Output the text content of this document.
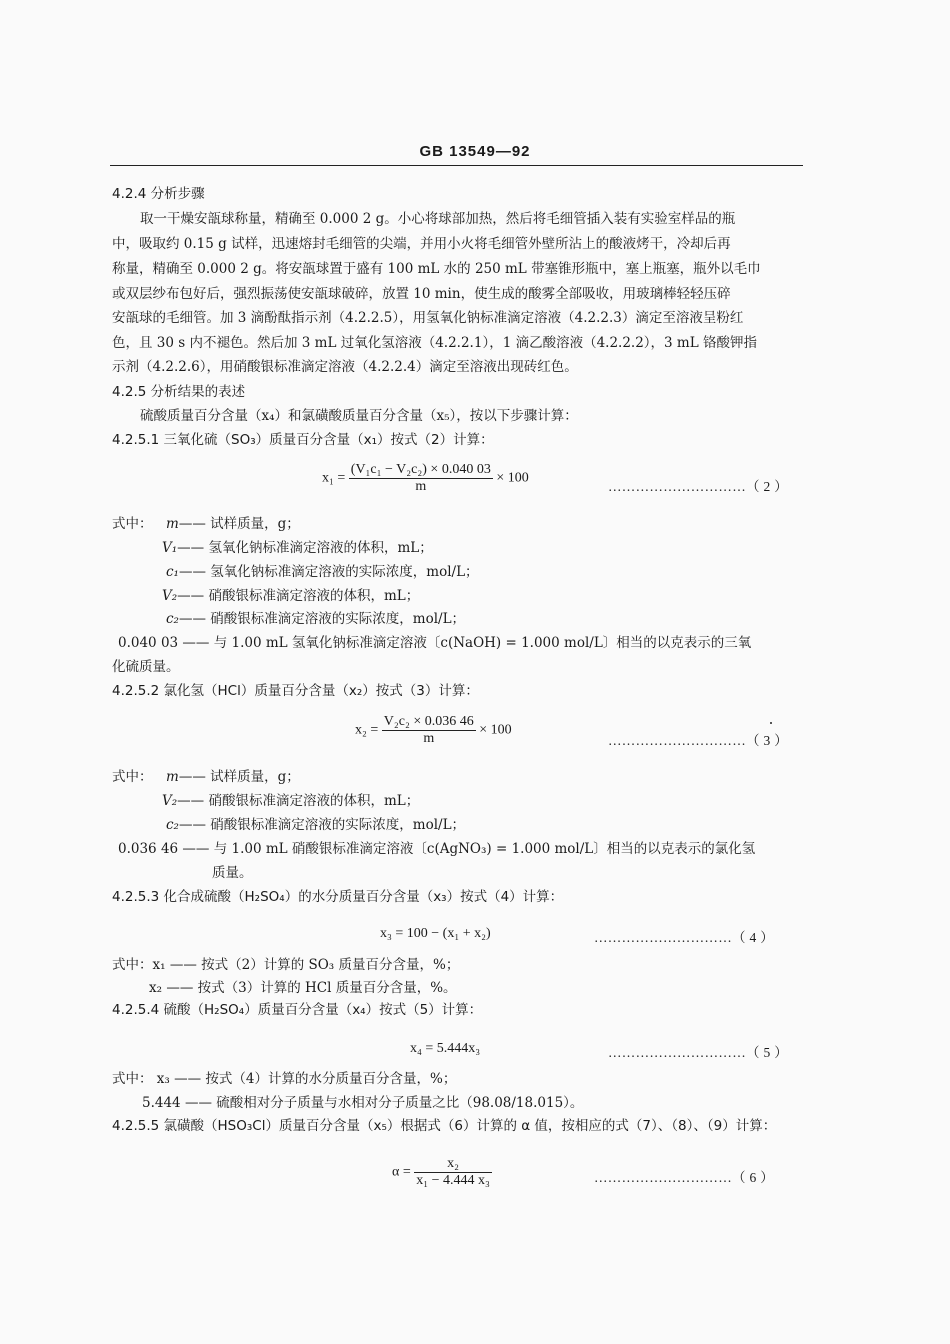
GB 13549—92
4.2.4 分析步骤
取一干燥安瓿球称量，精确至 0.000 2 g。小心将球部加热，然后将毛细管插入装有实验室样品的瓶
中，吸取约 0.15 g 试样，迅速熔封毛细管的尖端，并用小火将毛细管外壁所沾上的酸液烤干，冷却后再
称量，精确至 0.000 2 g。将安瓿球置于盛有 100 mL 水的 250 mL 带塞锥形瓶中，塞上瓶塞，瓶外以毛巾
或双层纱布包好后，强烈振荡使安瓿球破碎，放置 10 min，使生成的酸雾全部吸收，用玻璃棒轻轻压碎
安瓿球的毛细管。加 3 滴酚酞指示剂（4.2.2.5），用氢氧化钠标准滴定溶液（4.2.2.3）滴定至溶液呈粉红
色，且 30 s 内不褪色。然后加 3 mL 过氧化氢溶液（4.2.2.1），1 滴乙酸溶液（4.2.2.2），3 mL 铬酸钾指
示剂（4.2.2.6），用硝酸银标准滴定溶液（4.2.2.4）滴定至溶液出现砖红色。
4.2.5 分析结果的表述
硫酸质量百分含量（x₄）和氯磺酸质量百分含量（x₅），按以下步骤计算：
4.2.5.1 三氧化硫（SO₃）质量百分含量（x₁）按式（2）计算：
$x_1 = \frac{\text{(V₁c₁ − V₂c₂) × 0.040 03}}{m} \times 100$
…………………………（ 2 ）
式中： m—— 试样质量，g；
V₁—— 氢氧化钠标准滴定溶液的体积，mL；
c₁—— 氢氧化钠标准滴定溶液的实际浓度，mol/L；
V₂—— 硝酸银标准滴定溶液的体积，mL；
c₂—— 硝酸银标准滴定溶液的实际浓度，mol/L；
0.040 03 —— 与 1.00 mL 氢氧化钠标准滴定溶液〔c(NaOH) = 1.000 mol/L〕相当的以克表示的三氧
化硫质量。
4.2.5.2 氯化氢（HCl）质量百分含量（x₂）按式（3）计算：
$x_2 = \frac{\text{V₂c₂ × 0.036 46}}{m} \times 100$
…………………………（ 3 ）
式中： m—— 试样质量，g；
V₂—— 硝酸银标准滴定溶液的体积，mL；
c₂—— 硝酸银标准滴定溶液的实际浓度，mol/L；
0.036 46 —— 与 1.00 mL 硝酸银标准滴定溶液〔c(AgNO₃) = 1.000 mol/L〕相当的以克表示的氯化氢
质量。
4.2.5.3 化合成硫酸（H₂SO₄）的水分质量百分含量（x₃）按式（4）计算：
x₃ = 100 − (x₁ + x₂)	…………………………（ 4 ）
式中：x₁ —— 按式（2）计算的 SO₃ 质量百分含量，%；
x₂ —— 按式（3）计算的 HCl 质量百分含量，%。
4.2.5.4 硫酸（H₂SO₄）质量百分含量（x₄）按式（5）计算：
x₄ = 5.444x₃	…………………………（ 5 ）
式中： x₃ —— 按式（4）计算的水分质量百分含量，%；
5.444 —— 硫酸相对分子质量与水相对分子质量之比（98.08/18.015）。
4.2.5.5 氯磺酸（HSO₃Cl）质量百分含量（x₅）根据式（6）计算的 α 值，按相应的式（7）、（8）、（9）计算：
$\alpha = \frac{\text{x₂}}{\text{x₁ − 4.444 x₃}}$	…………………………（ 6 ）
